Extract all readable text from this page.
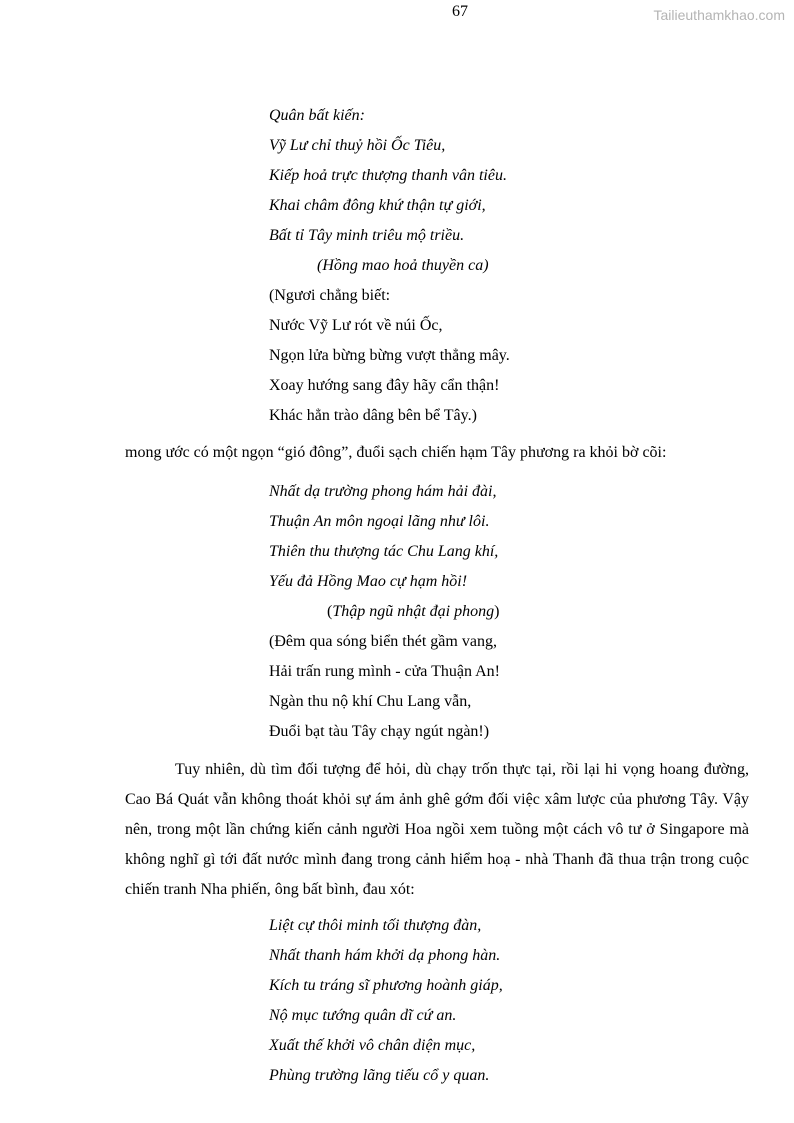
67	Tailieuthamkhao.com
Quân bất kiến:
Vỹ Lư chỉ thuỷ hồi Ốc Tiêu,
Kiếp hoả trực thượng thanh vân tiêu.
Khai châm đông khứ thận tự giới,
Bất tỉ Tây minh triêu mộ triều.
(Hồng mao hoả thuyền ca)
(Ngươi chẳng biết:
Nước Vỹ Lư rót về núi Ốc,
Ngọn lửa bừng bừng vượt thẳng mây.
Xoay hướng sang đây hãy cẩn thận!
Khác hẳn trào dâng bên bể Tây.)

mong ước có một ngọn “gió đông”, đuổi sạch chiến hạm Tây phương ra khỏi bờ cõi:

Nhất dạ trường phong hám hải đài,
Thuận An môn ngoại lãng như lôi.
Thiên thu thượng tác Chu Lang khí,
Yếu đả Hồng Mao cự hạm hồi!
(Thập ngũ nhật đại phong)
(Đêm qua sóng biển thét gầm vang,
Hải trấn rung mình - cửa Thuận An!
Ngàn thu nộ khí Chu Lang vẫn,
Đuổi bạt tàu Tây chạy ngút ngàn!)

Tuy nhiên, dù tìm đối tượng để hỏi, dù chạy trốn thực tại, rồi lại hi vọng hoang đường, Cao Bá Quát vẫn không thoát khỏi sự ám ảnh ghê gớm đối việc xâm lược của phương Tây. Vậy nên, trong một lần chứng kiến cảnh người Hoa ngồi xem tuồng một cách vô tư ở Singapore mà không nghĩ gì tới đất nước mình đang trong cảnh hiểm hoạ - nhà Thanh đã thua trận trong cuộc chiến tranh Nha phiến, ông bất bình, đau xót:

Liệt cự thôi minh tối thượng đàn,
Nhất thanh hám khởi dạ phong hàn.
Kích tu tráng sĩ phương hoành giáp,
Nộ mục tướng quân dĩ cứ an.
Xuất thế khởi vô chân diện mục,
Phùng trường lãng tiếu cổ y quan.
